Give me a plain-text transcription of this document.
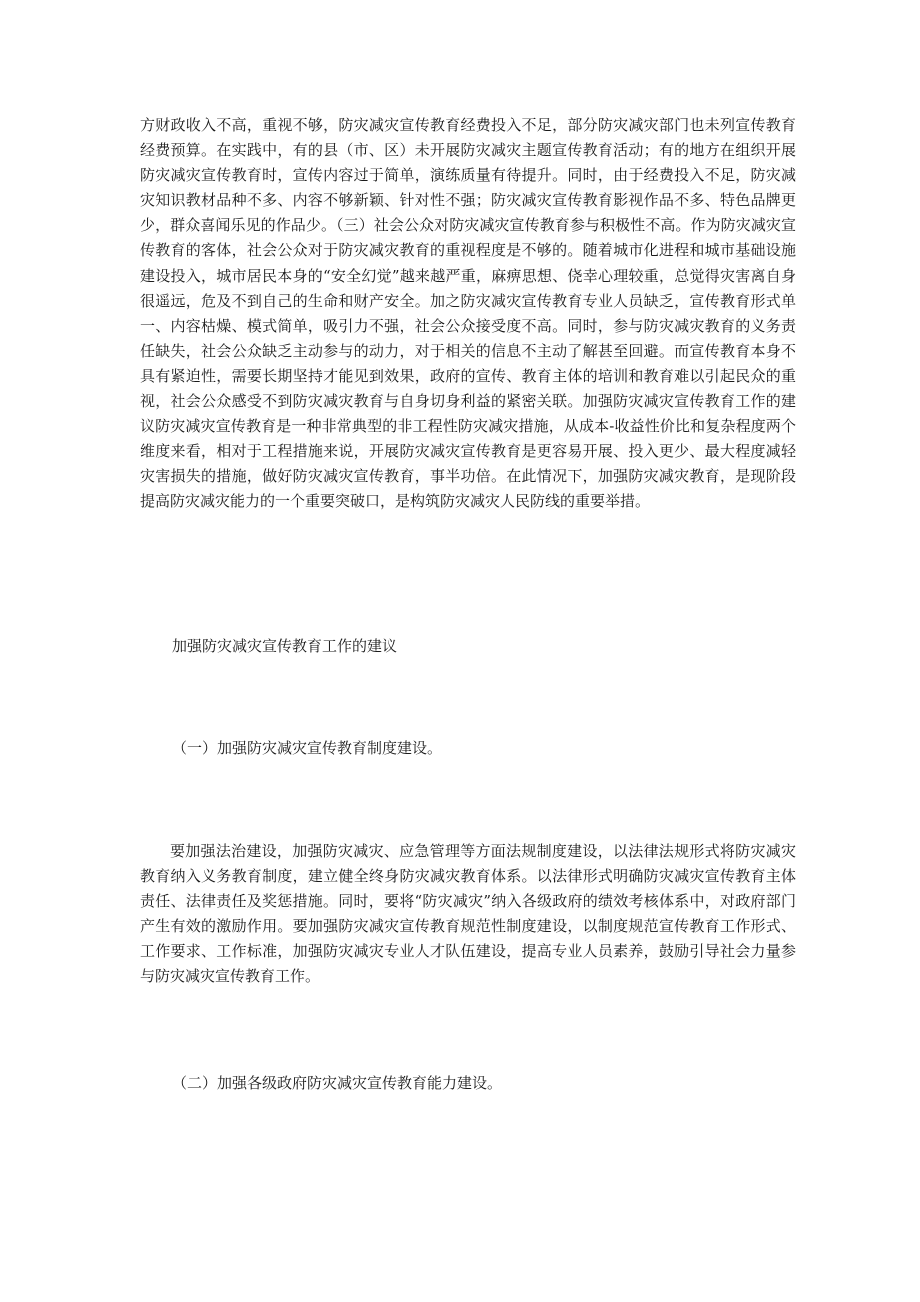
方财政收入不高，重视不够，防灾减灾宣传教育经费投入不足，部分防灾减灾部门也未列宣传教育经费预算。在实践中，有的县（市、区）未开展防灾减灾主题宣传教育活动；有的地方在组织开展防灾减灾宣传教育时，宣传内容过于简单，演练质量有待提升。同时，由于经费投入不足，防灾减灾知识教材品种不多、内容不够新颖、针对性不强；防灾减灾宣传教育影视作品不多、特色品牌更少，群众喜闻乐见的作品少。（三）社会公众对防灾减灾宣传教育参与积极性不高。作为防灾减灾宣传教育的客体，社会公众对于防灾减灾教育的重视程度是不够的。随着城市化进程和城市基础设施建设投入，城市居民本身的“安全幻觉”越来越严重，麻痹思想、侥幸心理较重，总觉得灾害离自身很遥远，危及不到自己的生命和财产安全。加之防灾减灾宣传教育专业人员缺乏，宣传教育形式单一、内容枯燥、模式简单，吸引力不强，社会公众接受度不高。同时，参与防灾减灾教育的义务责任缺失，社会公众缺乏主动参与的动力，对于相关的信息不主动了解甚至回避。而宣传教育本身不具有紧迫性，需要长期坚持才能见到效果，政府的宣传、教育主体的培训和教育难以引起民众的重视，社会公众感受不到防灾减灾教育与自身切身利益的紧密关联。加强防灾减灾宣传教育工作的建议防灾减灾宣传教育是一种非常典型的非工程性防灾减灾措施，从成本-收益性价比和复杂程度两个维度来看，相对于工程措施来说，开展防灾减灾宣传教育是更容易开展、投入更少、最大程度减轻灾害损失的措施，做好防灾减灾宣传教育，事半功倍。在此情况下，加强防灾减灾教育，是现阶段提高防灾减灾能力的一个重要突破口，是构筑防灾减灾人民防线的重要举措。

加强防灾减灾宣传教育工作的建议

（一）加强防灾减灾宣传教育制度建设。

要加强法治建设，加强防灾减灾、应急管理等方面法规制度建设，以法律法规形式将防灾减灾教育纳入义务教育制度，建立健全终身防灾减灾教育体系。以法律形式明确防灾减灾宣传教育主体责任、法律责任及奖惩措施。同时，要将“防灾减灾”纳入各级政府的绩效考核体系中，对政府部门产生有效的激励作用。要加强防灾减灾宣传教育规范性制度建设，以制度规范宣传教育工作形式、工作要求、工作标准，加强防灾减灾专业人才队伍建设，提高专业人员素养，鼓励引导社会力量参与防灾减灾宣传教育工作。

（二）加强各级政府防灾减灾宣传教育能力建设。
